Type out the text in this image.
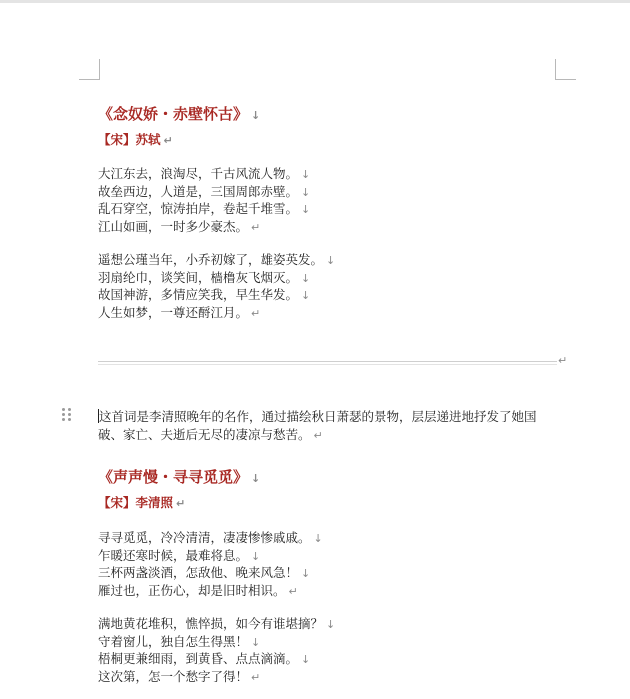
《念奴娇・赤壁怀古》 ↓
【宋】苏轼 ↵
大江东去，浪淘尽，千古风流人物。 ↓
故垒西边，人道是，三国周郎赤壁。 ↓
乱石穿空，惊涛拍岸，卷起千堆雪。 ↓
江山如画，一时多少豪杰。 ↵
遥想公瑾当年，小乔初嫁了，雄姿英发。 ↓
羽扇纶巾，谈笑间，樯橹灰飞烟灭。 ↓
故国神游，多情应笑我，早生华发。 ↓
人生如梦，一尊还酹江月。 ↵
↵
这首词是李清照晚年的名作，通过描绘秋日萧瑟的景物，层层递进地抒发了她国破、家亡、夫逝后无尽的凄凉与愁苦。 ↵
《声声慢・寻寻觅觅》 ↓
【宋】李清照 ↵
寻寻觅觅，冷冷清清，凄凄惨惨戚戚。 ↓
乍暖还寒时候，最难将息。 ↓
三杯两盏淡酒，怎敌他、晚来风急！ ↓
雁过也，正伤心，却是旧时相识。 ↵
满地黄花堆积，憔悴损，如今有谁堪摘？ ↓
守着窗儿，独自怎生得黑！ ↓
梧桐更兼细雨，到黄昏、点点滴滴。 ↓
这次第，怎一个愁字了得！ ↵
